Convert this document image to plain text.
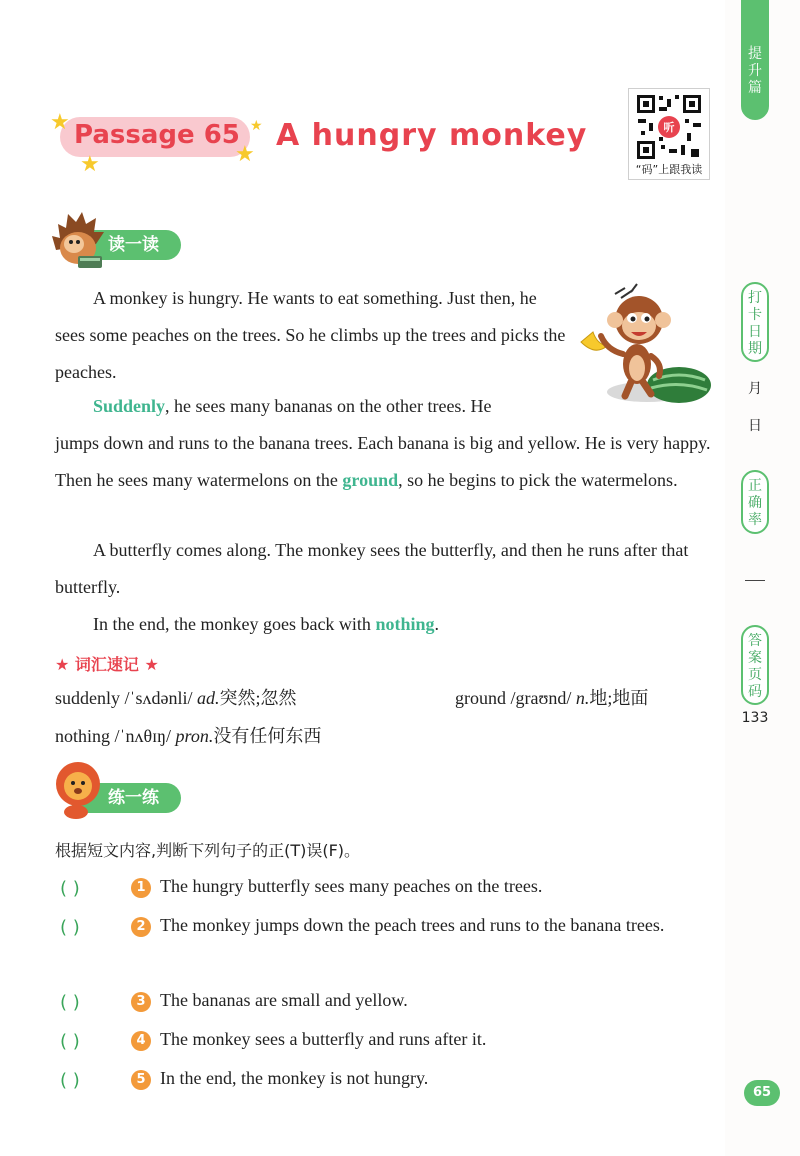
提升篇
打卡日期
月
日
正确率
答案页码
133
★
★	★
★
Passage 65 A hungry monkey	听
“码”上跟我读
读一读

A monkey is hungry. He wants to eat something. Just then, he sees some peaches on the trees. So he climbs up the trees and picks the peaches.

Suddenly, he sees many bananas on the other trees. He

jumps down and runs to the banana trees. Each banana is big and yellow. He is very happy. Then he sees many watermelons on the ground, so he begins to pick the watermelons.

A butterfly comes along. The monkey sees the butterfly, and then he runs after that butterfly.

In the end, the monkey goes back with nothing.

★ 词汇速记 ★
suddenly /ˈsʌdənli/ ad.突然;忽然	ground /graʊnd/ n.地;地面
nothing /ˈnʌθɪŋ/ pron.没有任何东西
练一练
根据短文内容,判断下列句子的正(T)误(F)。
( )	1 The hungry butterfly sees many peaches on the trees.
( )	2 The monkey jumps down the peach trees and runs to the banana trees.
( )	3 The bananas are small and yellow.
( )	4 The monkey sees a butterfly and runs after it.
( )	5 In the end, the monkey is not hungry.
65
